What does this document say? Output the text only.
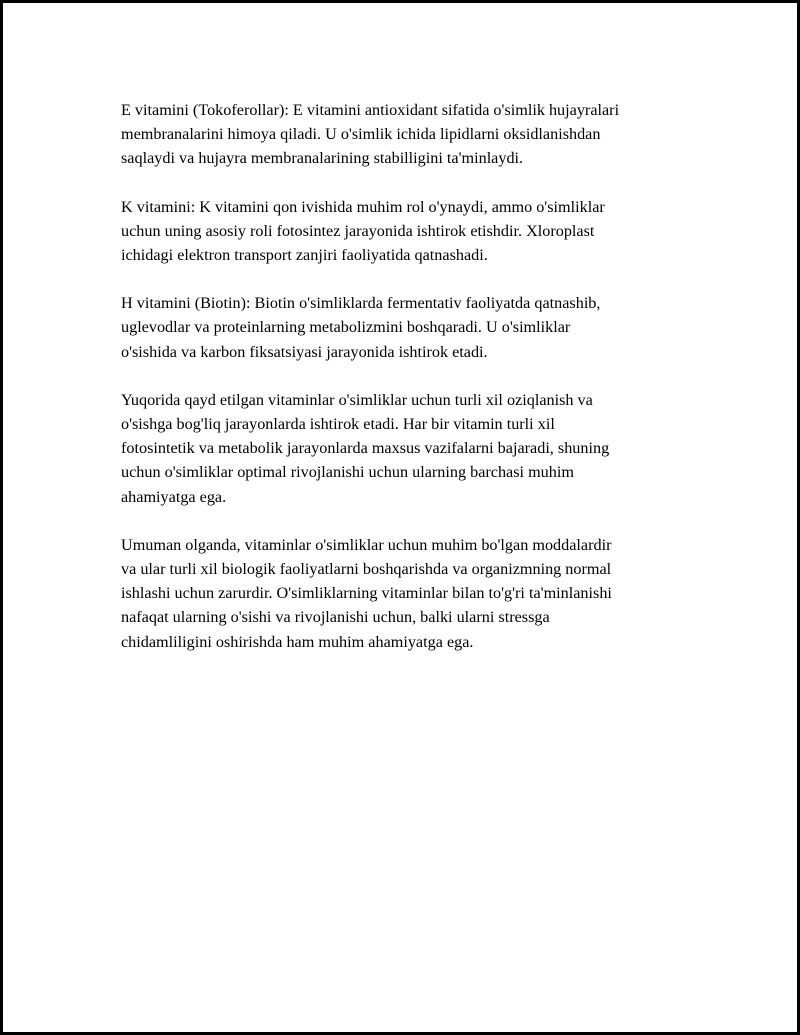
E vitamini (Tokoferollar): E vitamini antioxidant sifatida o'simlik hujayralari
membranalarini himoya qiladi. U o'simlik ichida lipidlarni oksidlanishdan
saqlaydi va hujayra membranalarining stabilligini ta'minlaydi.

K vitamini: K vitamini qon ivishida muhim rol o'ynaydi, ammo o'simliklar
uchun uning asosiy roli fotosintez jarayonida ishtirok etishdir. Xloroplast
ichidagi elektron transport zanjiri faoliyatida qatnashadi.

H vitamini (Biotin): Biotin o'simliklarda fermentativ faoliyatda qatnashib,
uglevodlar va proteinlarning metabolizmini boshqaradi. U o'simliklar
o'sishida va karbon fiksatsiyasi jarayonida ishtirok etadi.

Yuqorida qayd etilgan vitaminlar o'simliklar uchun turli xil oziqlanish va
o'sishga bog'liq jarayonlarda ishtirok etadi. Har bir vitamin turli xil
fotosintetik va metabolik jarayonlarda maxsus vazifalarni bajaradi, shuning
uchun o'simliklar optimal rivojlanishi uchun ularning barchasi muhim
ahamiyatga ega.

Umuman olganda, vitaminlar o'simliklar uchun muhim bo'lgan moddalardir
va ular turli xil biologik faoliyatlarni boshqarishda va organizmning normal
ishlashi uchun zarurdir. O'simliklarning vitaminlar bilan to'g'ri ta'minlanishi
nafaqat ularning o'sishi va rivojlanishi uchun, balki ularni stressga
chidamliligini oshirishda ham muhim ahamiyatga ega.
